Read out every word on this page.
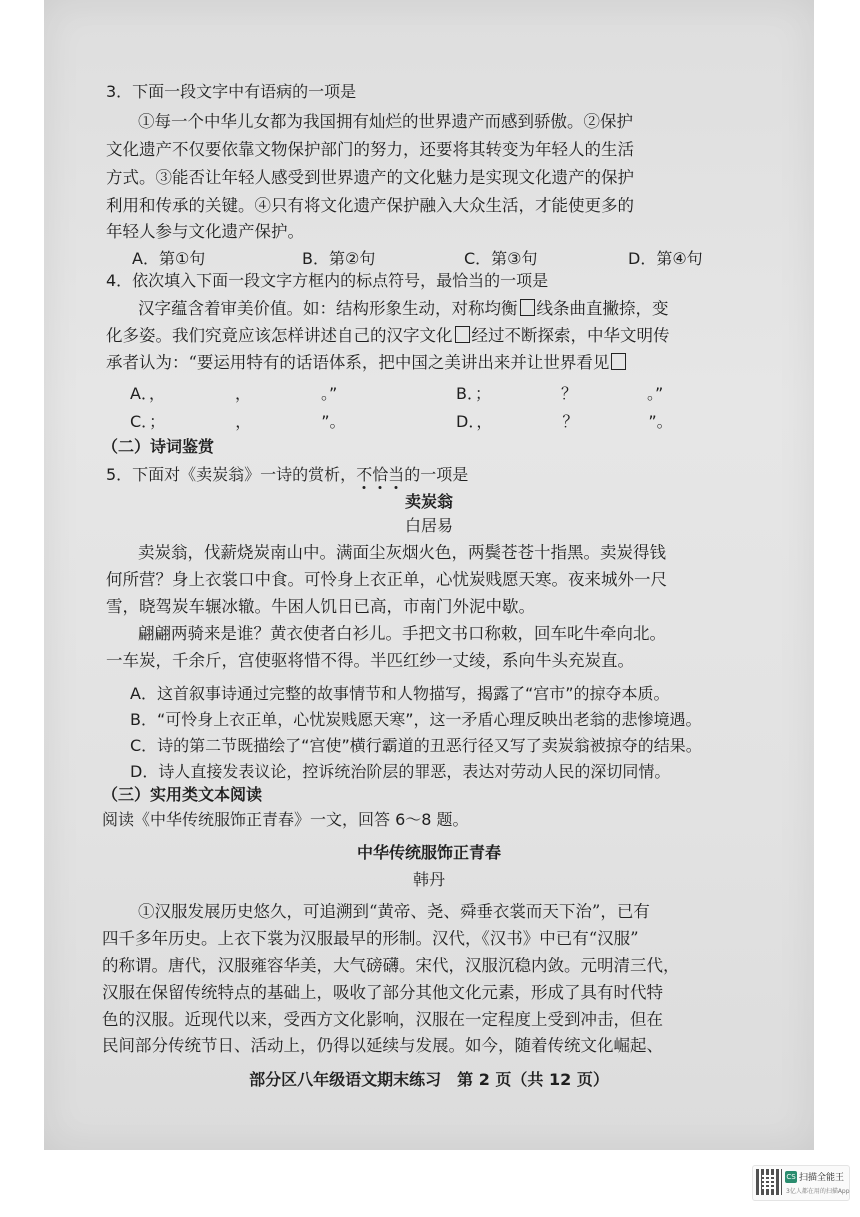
3．下面一段文字中有语病的一项是
①每一个中华儿女都为我国拥有灿烂的世界遗产而感到骄傲。②保护
文化遗产不仅要依靠文物保护部门的努力，还要将其转变为年轻人的生活
方式。③能否让年轻人感受到世界遗产的文化魅力是实现文化遗产的保护
利用和传承的关键。④只有将文化遗产保护融入大众生活，才能使更多的
年轻人参与文化遗产保护。
A．第①句	B．第②句	C．第③句	D．第④句
4．依次填入下面一段文字方框内的标点符号，最恰当的一项是
汉字蕴含着审美价值。如：结构形象生动，对称均衡 线条曲直撇捺，变
化多姿。我们究竟应该怎样讲述自己的汉字文化 经过不断探索，中华文明传
承者认为：“要运用特有的话语体系，把中国之美讲出来并让世界看见
A．，	，	。”	B．；	？	。”
C．；	，	”。	D．，	？	”。
（二）诗词鉴赏
5．下面对《卖炭翁》一诗的赏析，不恰当的一项是
卖炭翁
白居易
卖炭翁，伐薪烧炭南山中。满面尘灰烟火色，两鬓苍苍十指黑。卖炭得钱
何所营？身上衣裳口中食。可怜身上衣正单，心忧炭贱愿天寒。夜来城外一尺
雪，晓驾炭车辗冰辙。牛困人饥日已高，市南门外泥中歇。
翩翩两骑来是谁？黄衣使者白衫儿。手把文书口称敕，回车叱牛牵向北。
一车炭，千余斤，宫使驱将惜不得。半匹红纱一丈绫，系向牛头充炭直。
A．这首叙事诗通过完整的故事情节和人物描写，揭露了“宫市”的掠夺本质。
B．“可怜身上衣正单，心忧炭贱愿天寒”，这一矛盾心理反映出老翁的悲惨境遇。
C．诗的第二节既描绘了“宫使”横行霸道的丑恶行径又写了卖炭翁被掠夺的结果。
D．诗人直接发表议论，控诉统治阶层的罪恶，表达对劳动人民的深切同情。
（三）实用类文本阅读
阅读《中华传统服饰正青春》一文，回答 6～8 题。
中华传统服饰正青春
韩丹
①汉服发展历史悠久，可追溯到“黄帝、尧、舜垂衣裳而天下治”，已有
四千多年历史。上衣下裳为汉服最早的形制。汉代，《汉书》中已有“汉服”
的称谓。唐代，汉服雍容华美，大气磅礴。宋代，汉服沉稳内敛。元明清三代，
汉服在保留传统特点的基础上，吸收了部分其他文化元素，形成了具有时代特
色的汉服。近现代以来，受西方文化影响，汉服在一定程度上受到冲击，但在
民间部分传统节日、活动上，仍得以延续与发展。如今，随着传统文化崛起、
部分区八年级语文期末练习　第 2 页（共 12 页）
CS 扫描全能王
3亿人都在用的扫描App
